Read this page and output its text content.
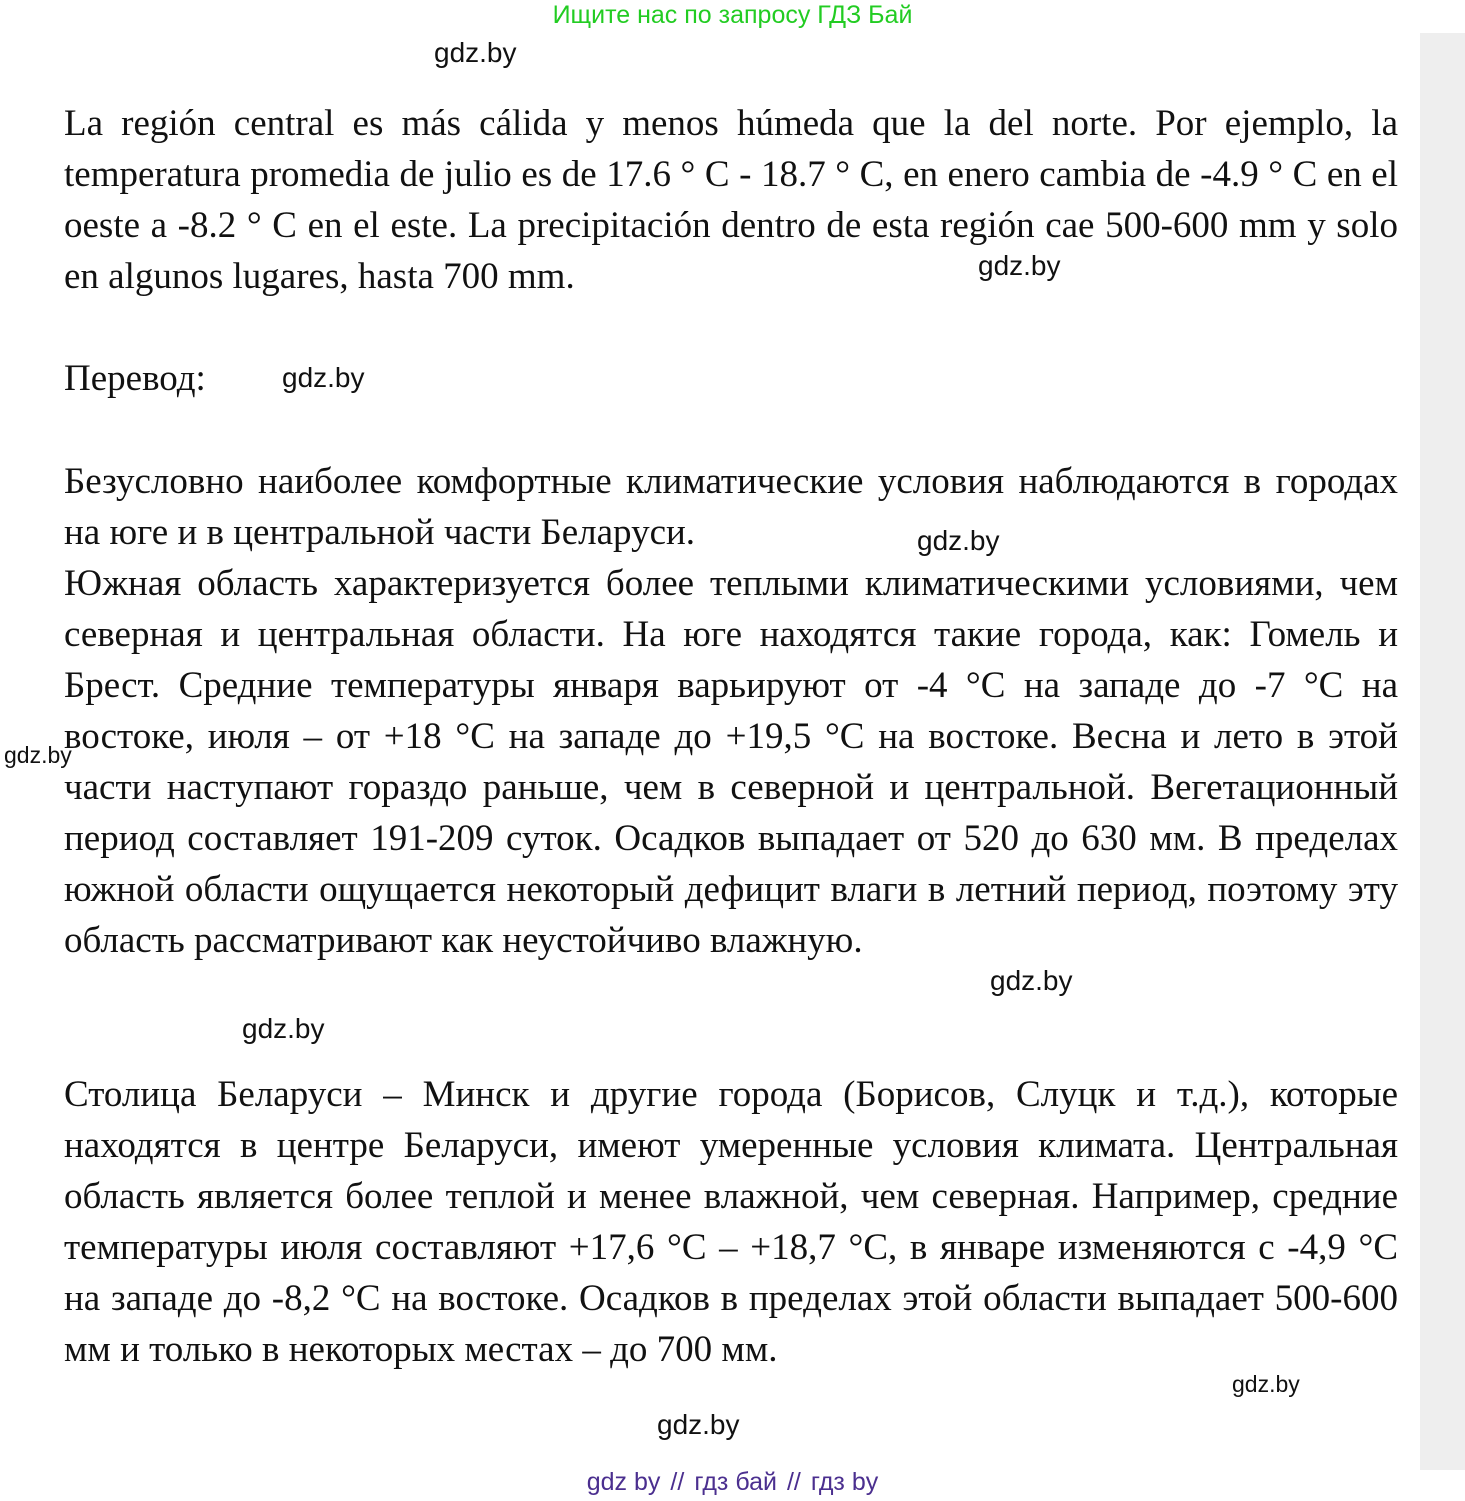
Ищите нас по запросу ГДЗ Бай
gdz.by

La región central es más cálida y menos húmeda que la del norte. Por ejemplo, la temperatura promedia de julio es de 17.6 ° C - 18.7 ° C, en enero cambia de -4.9 ° C en el oeste a -8.2 ° C en el este. La precipitación dentro de esta región cae 500-600 mm y solo en algunos lugares, hasta 700 mm.	gdz.by

Перевод:	gdz.by

Безусловно наиболее комфортные климатические условия наблюдаются в городах на юге и в центральной части Беларуси.	gdz.by

Южная область характеризуется более теплыми климатическими условиями, чем северная и центральная области. На юге находятся такие города, как: Гомель и Брест. Средние температуры января варьируют от -4 °С на западе до -7 °С на востоке, июля – от +18 °С на западе до +19,5 °С на востоке. Весна и лето в этой части наступают гораздо раньше, чем в северной и центральной. Вегетационный период составляет 191-209 суток. Осадков выпадает от 520 до 630 мм. В пределах южной области ощущается некоторый дефицит влаги в летний период, поэтому эту область рассматривают как неустойчиво влажную.

gdz.by
gdz.by
gdz.by

Столица Беларуси – Минск и другие города (Борисов, Слуцк и т.д.), которые находятся в центре Беларуси, имеют умеренные условия климата. Центральная область является более теплой и менее влажной, чем северная. Например, средние температуры июля составляют +17,6 °С – +18,7 °С, в январе изменяются с -4,9 °С на западе до -8,2 °С на востоке. Осадков в пределах этой области выпадает 500-600 мм и только в некоторых местах – до 700 мм.

gdz.by
gdz.by
gdz by // гдз бай // гдз by
